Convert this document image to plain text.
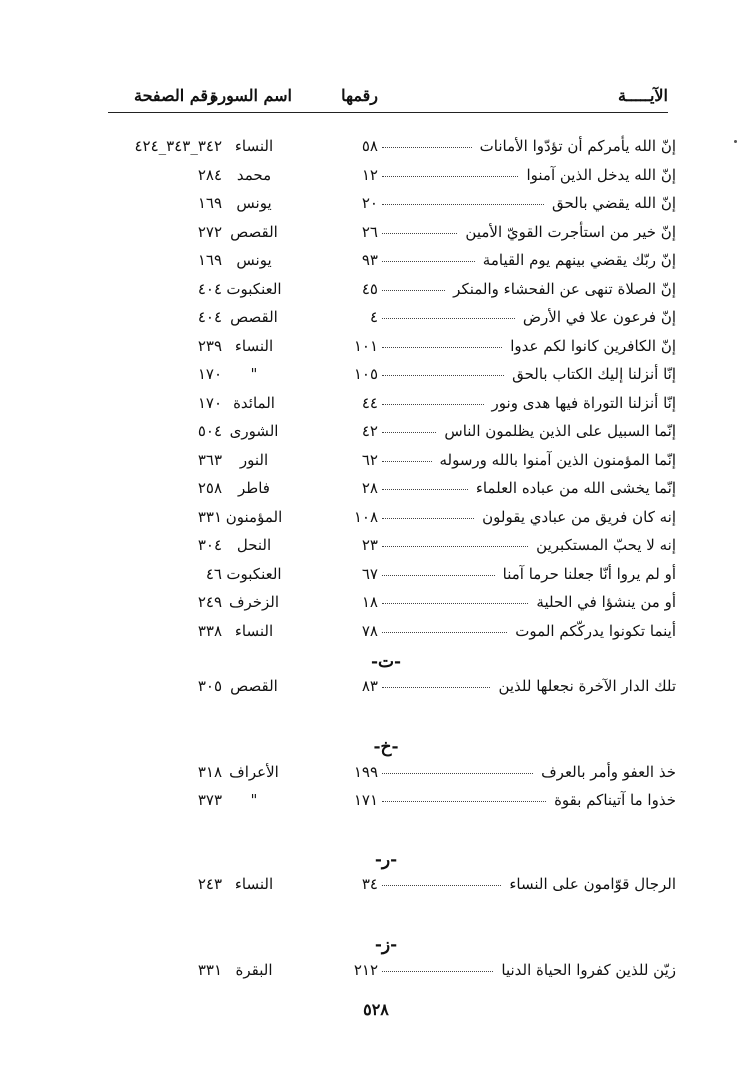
الآيـــــة
رقمها
اسم السورة
رقم الصفحة
إنّ الله يأمركم أن تؤدّوا الأمانات
٥٨
النساء
٣٤٢_٣٤٣_٤٢٤
إنّ الله يدخل الذين آمنوا
١٢
محمد
٢٨٤
إنّ الله يقضي بالحق
٢٠
يونس
١٦٩
إنّ خير من استأجرت القويّ الأمين
٢٦
القصص
٢٧٢
إنّ ربّك يقضي بينهم يوم القيامة
٩٣
يونس
١٦٩
إنّ الصلاة تنهى عن الفحشاء والمنكر
٤٥
العنكبوت
٤٠٤
إنّ فرعون علا في الأرض
٤
القصص
٤٠٤
إنّ الكافرين كانوا لكم عدوا
١٠١
النساء
٢٣٩
إنّا أنزلنا إليك الكتاب بالحق
١٠٥
"
١٧٠
إنّا أنزلنا التوراة فيها هدى ونور
٤٤
المائدة
١٧٠
إنّما السبيل على الذين يظلمون الناس
٤٢
الشورى
٥٠٤
إنّما المؤمنون الذين آمنوا بالله ورسوله
٦٢
النور
٣٦٣
إنّما يخشى الله من عباده العلماء
٢٨
فاطر
٢٥٨
إنه كان فريق من عبادي يقولون
١٠٨
المؤمنون
٣٣١
إنه لا يحبّ المستكبرين
٢٣
النحل
٣٠٤
أو لم يروا أنّا جعلنا حرما آمنا
٦٧
العنكبوت
٤٦
أو من ينشؤا في الحلية
١٨
الزخرف
٢٤٩
أينما تكونوا يدركّكم الموت
٧٨
النساء
٣٣٨
-ت-
تلك الدار الآخرة نجعلها للذين
٨٣
القصص
٣٠٥
-خ-
خذ العفو وأمر بالعرف
١٩٩
الأعراف
٣١٨
خذوا ما آتيناكم بقوة
١٧١
"
٣٧٣
-ر-
الرجال قوّامون على النساء
٣٤
النساء
٢٤٣
-ز-
زيّن للذين كفروا الحياة الدنيا
٢١٢
البقرة
٣٣١
٥٢٨
